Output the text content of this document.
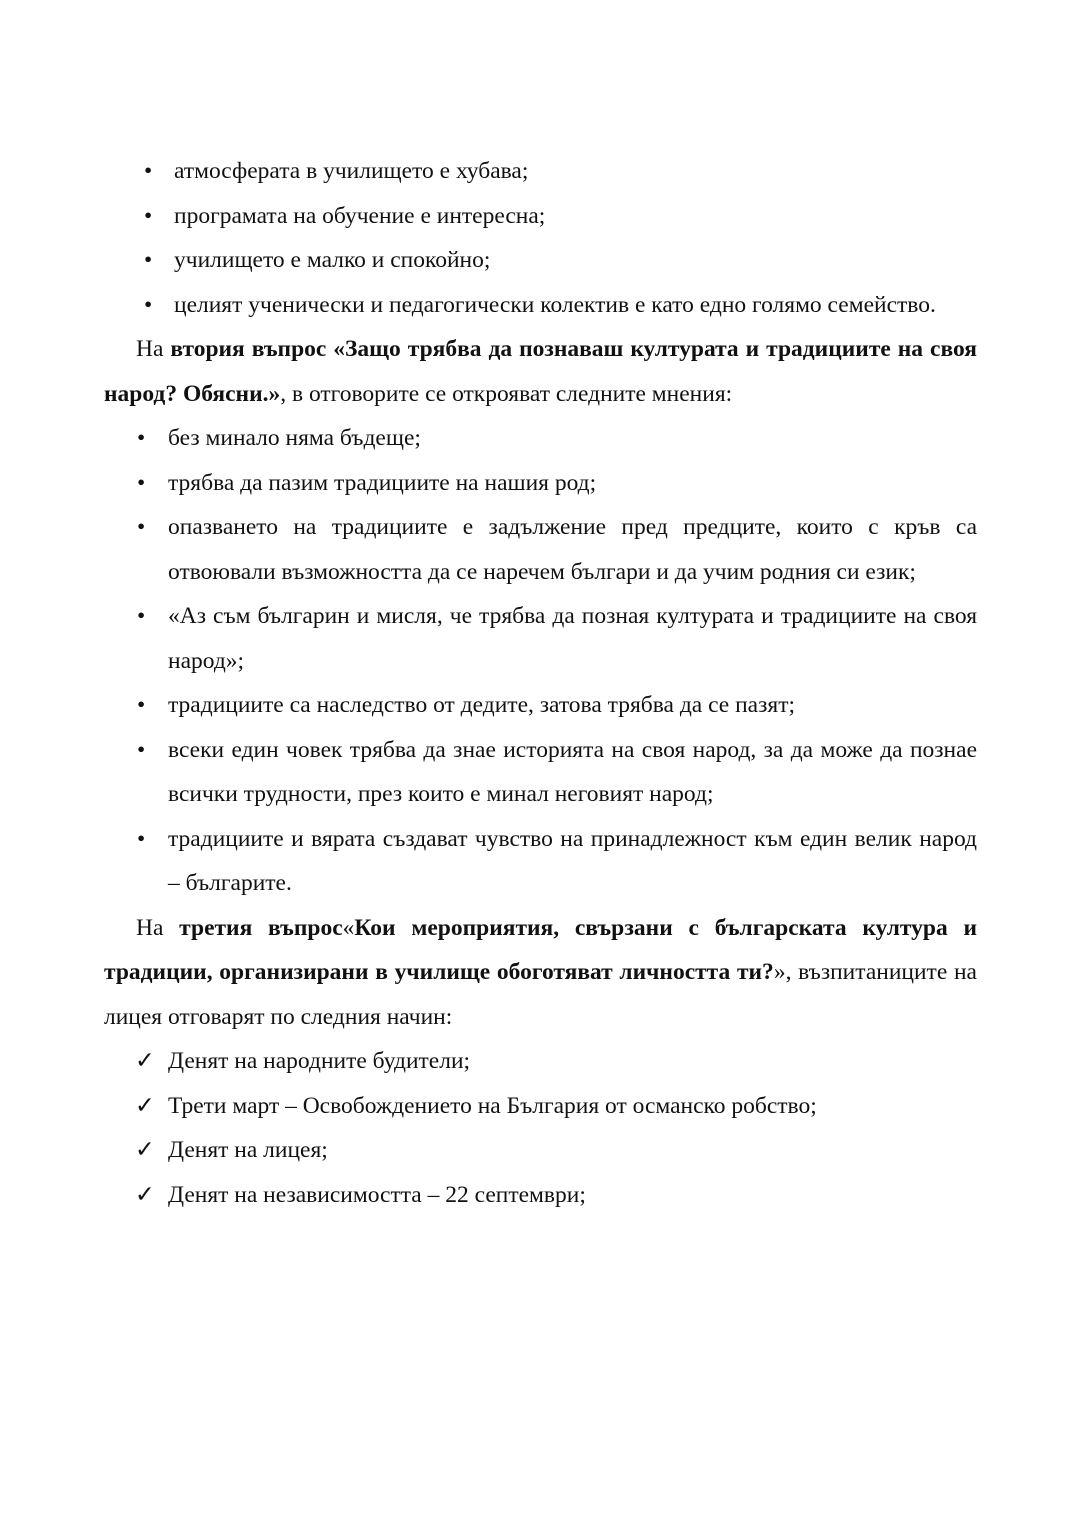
• атмосферата в училището е хубава;
• програмата на обучение е интересна;
• училището е малко и спокойно;
• целият ученически и педагогически колектив е като едно голямо семейство.

На втория въпрос «Защо трябва да познаваш културата и традициите на своя народ? Обясни.», в отговорите се открояват следните мнения:

• без минало няма бъдеще;
• трябва да пазим традициите на нашия род;
• опазването на традициите е задължение пред предците, които с кръв са отвоювали възможността да се наречем българи и да учим родния си език;
• «Аз съм българин и мисля, че трябва да позная културата и традициите на своя народ»;
• традициите са наследство от дедите, затова трябва да се пазят;
• всеки един човек трябва да знае историята на своя народ, за да може да познае всички трудности, през които е минал неговият народ;
• традициите и вярата създават чувство на принадлежност към един велик народ – българите.

На третия въпрос«Кои мероприятия, свързани с българската култура и традиции, организирани в училище обоготяват личността ти?», възпитаниците на лицея отговарят по следния начин:

✓ Денят на народните будители;
✓ Трети март – Освобождението на България от османско робство;
✓ Денят на лицея;
✓ Денят на независимостта – 22 септември;
